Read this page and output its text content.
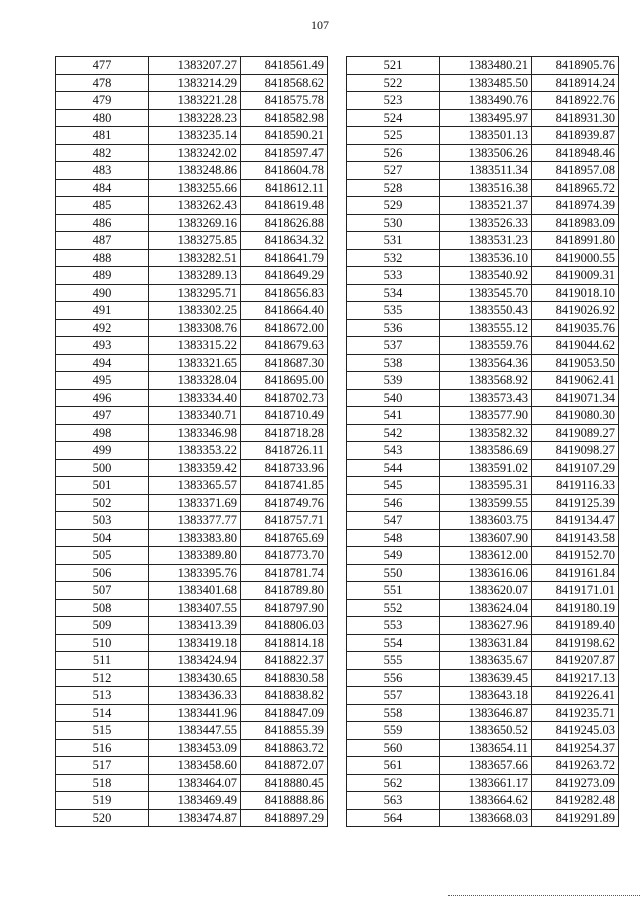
107
477	1383207.27	8418561.49
478	1383214.29	8418568.62
479	1383221.28	8418575.78
480	1383228.23	8418582.98
481	1383235.14	8418590.21
482	1383242.02	8418597.47
483	1383248.86	8418604.78
484	1383255.66	8418612.11
485	1383262.43	8418619.48
486	1383269.16	8418626.88
487	1383275.85	8418634.32
488	1383282.51	8418641.79
489	1383289.13	8418649.29
490	1383295.71	8418656.83
491	1383302.25	8418664.40
492	1383308.76	8418672.00
493	1383315.22	8418679.63
494	1383321.65	8418687.30
495	1383328.04	8418695.00
496	1383334.40	8418702.73
497	1383340.71	8418710.49
498	1383346.98	8418718.28
499	1383353.22	8418726.11
500	1383359.42	8418733.96
501	1383365.57	8418741.85
502	1383371.69	8418749.76
503	1383377.77	8418757.71
504	1383383.80	8418765.69
505	1383389.80	8418773.70
506	1383395.76	8418781.74
507	1383401.68	8418789.80
508	1383407.55	8418797.90
509	1383413.39	8418806.03
510	1383419.18	8418814.18
511	1383424.94	8418822.37
512	1383430.65	8418830.58
513	1383436.33	8418838.82
514	1383441.96	8418847.09
515	1383447.55	8418855.39
516	1383453.09	8418863.72
517	1383458.60	8418872.07
518	1383464.07	8418880.45
519	1383469.49	8418888.86
520	1383474.87	8418897.29
521	1383480.21	8418905.76
522	1383485.50	8418914.24
523	1383490.76	8418922.76
524	1383495.97	8418931.30
525	1383501.13	8418939.87
526	1383506.26	8418948.46
527	1383511.34	8418957.08
528	1383516.38	8418965.72
529	1383521.37	8418974.39
530	1383526.33	8418983.09
531	1383531.23	8418991.80
532	1383536.10	8419000.55
533	1383540.92	8419009.31
534	1383545.70	8419018.10
535	1383550.43	8419026.92
536	1383555.12	8419035.76
537	1383559.76	8419044.62
538	1383564.36	8419053.50
539	1383568.92	8419062.41
540	1383573.43	8419071.34
541	1383577.90	8419080.30
542	1383582.32	8419089.27
543	1383586.69	8419098.27
544	1383591.02	8419107.29
545	1383595.31	8419116.33
546	1383599.55	8419125.39
547	1383603.75	8419134.47
548	1383607.90	8419143.58
549	1383612.00	8419152.70
550	1383616.06	8419161.84
551	1383620.07	8419171.01
552	1383624.04	8419180.19
553	1383627.96	8419189.40
554	1383631.84	8419198.62
555	1383635.67	8419207.87
556	1383639.45	8419217.13
557	1383643.18	8419226.41
558	1383646.87	8419235.71
559	1383650.52	8419245.03
560	1383654.11	8419254.37
561	1383657.66	8419263.72
562	1383661.17	8419273.09
563	1383664.62	8419282.48
564	1383668.03	8419291.89
